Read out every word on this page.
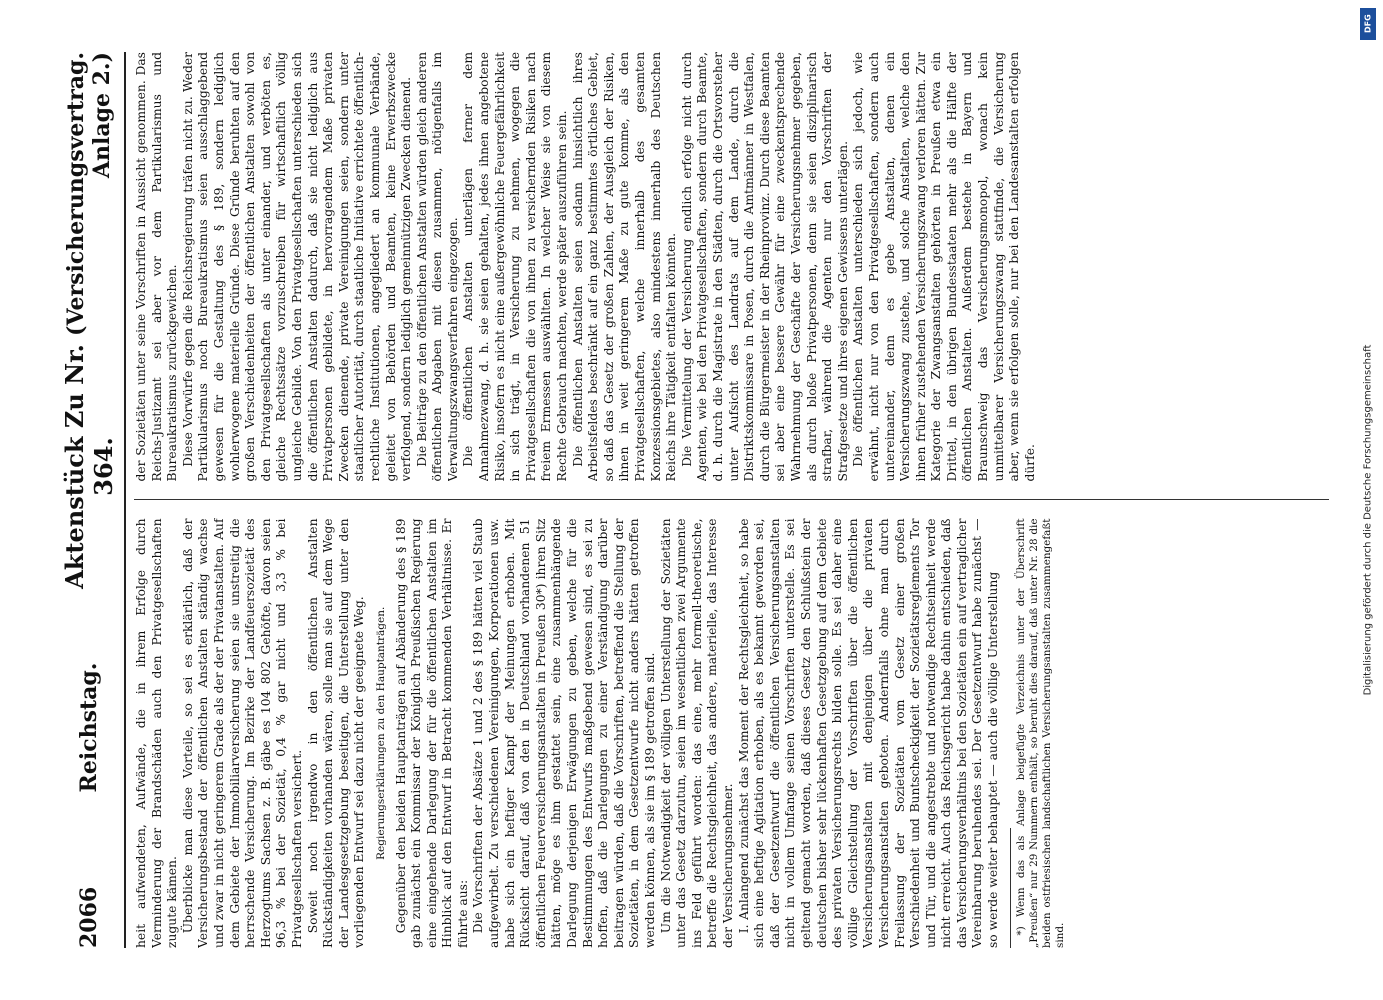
2066
Reichstag.
Aktenstück Zu Nr. 364.
(Versicherungsvertrag. Anlage 2.)

heit aufwendeten, Aufwände, die in ihrem Erfolge durch Verminderung der Brandschäden auch den Privatgesellschaften zugute kämen. Überblicke man diese Vorteile, so sei es erklärlich, daß der Versicherungsbestand der öffentlichen Anstalten ständig wachse und zwar in nicht geringerem Grade als der der Privatanstalten. Auf dem Gebiete der Immobiliarversicherung seien sie unstreitig die herrschende Versicherung. Im Bezirke der Landfeuersozietät des Herzogtums Sachsen z. B. gäbe es 104 802 Gehöfte, davon seien 96,3 % bei der Sozietät, 0,4 % gar nicht und 3,3 % bei Privatgesellschaften versichert. Soweit noch irgendwo in den öffentlichen Anstalten Rückständigkeiten vorhanden wären, solle man sie auf dem Wege der Landesgesetzgebung beseitigen, die Unterstellung unter den vorliegenden Entwurf sei dazu nicht der geeignete Weg. Regierungserklärungen zu den Hauptanträgen. Gegenüber den beiden Hauptanträgen auf Abänderung des § 189 gab zunächst ein Kommissar der Königlich Preußischen Regierung eine eingehende Darlegung der für die öffentlichen Anstalten im Hinblick auf den Entwurf in Betracht kommenden Verhältnisse. Er führte aus: Die Vorschriften der Absätze 1 und 2 des § 189 hätten viel Staub aufgewirbelt. Zu verschiedenen Vereinigungen, Korporationen usw. habe sich ein heftiger Kampf der Meinungen erhoben. Mit Rücksicht darauf, daß von den in Deutschland vorhandenen 51 öffentlichen Feuerversicherungsanstalten in Preußen 30*) ihren Sitz hätten, möge es ihm gestattet sein, eine zusammenhängende Darlegung derjenigen Erwägungen zu geben, welche für die Bestimmungen des Entwurfs maßgebend gewesen sind, es sei zu hoffen, daß die Darlegungen zu einer Verständigung darüber beitragen würden, daß die Vorschriften, betreffend die Stellung der Sozietäten, in dem Gesetzentwurfe nicht anders hätten getroffen werden können, als sie im § 189 getroffen sind. Um die Notwendigkeit der völligen Unterstellung der Sozietäten unter das Gesetz darzutun, seien im wesentlichen zwei Argumente ins Feld geführt worden: das eine, mehr formell-theoretische, betreffe die Rechtsgleichheit, das andere, materielle, das Interesse der Versicherungsnehmer. I. Anlangend zunächst das Moment der Rechtsgleichheit, so habe sich eine heftige Agitation erhoben, als es bekannt geworden sei, daß der Gesetzentwurf die öffentlichen Versicherungsanstalten nicht in vollem Umfange seinen Vorschriften unterstelle. Es sei geltend gemacht worden, daß dieses Gesetz den Schlußstein der deutschen bisher sehr lückenhaften Gesetzgebung auf dem Gebiete des privaten Versicherungsrechts bilden solle. Es sei daher eine völlige Gleichstellung der Vorschriften über die öffentlichen Versicherungsanstalten mit denjenigen über die privaten Versicherungsanstalten geboten. Andernfalls ohne man durch Freilassung der Sozietäten vom Gesetz einer großen Verschiedenheit und Buntscheckigkeit der Sozietätsreglements Tor und Tür, und die angestrebte und notwendige Rechtseinheit werde nicht erreicht. Auch das Reichsgericht habe dahin entschieden, daß das Versicherungsverhältnis bei den Sozietäten ein auf vertraglicher Vereinbarung beruhendes sei. Der Gesetzentwurf habe zunächst — so werde weiter behauptet — auch die völlige Unterstellung *) Wenn das als Anlage beigefügte Verzeichnis unter der Überschrift „Preußen“ nur 29 Nummern enthält, so beruht dies darauf, daß unter Nr. 28 die beiden ostfriesischen landschaftlichen Versicherungsanstalten zusammengefaßt sind.

der Sozietäten unter seine Vorschriften in Aussicht genommen. Das Reichs-Justizamt sei aber vor dem Partikularismus und Bureaukratismus zurückgewichen. Diese Vorwürfe gegen die Reichsregierung träfen nicht zu. Weder Partikularismus noch Bureaukratismus seien ausschlaggebend gewesen für die Gestaltung des § 189, sondern lediglich wohlerwogene materielle Gründe. Diese Gründe beruhten auf den großen Verschiedenheiten der öffentlichen Anstalten sowohl von den Privatgesellschaften als unter einander, und verböten es, gleiche Rechtssätze vorzuschreiben für wirtschaftlich völlig ungleiche Gebilde. Von den Privatgesellschaften unterschieden sich die öffentlichen Anstalten dadurch, daß sie nicht lediglich aus Privatpersonen gebildete, in hervorragendem Maße privaten Zwecken dienende, private Vereinigungen seien, sondern unter staatlicher Autorität, durch staatliche Initiative errichtete öffentlich-rechtliche Institutionen, angegliedert an kommunale Verbände, geleitet von Behörden und Beamten, keine Erwerbszwecke verfolgend, sondern lediglich gemeinnützigen Zwecken dienend. Die Beiträge zu den öffentlichen Anstalten würden gleich anderen öffentlichen Abgaben mit diesen zusammen, nötigenfalls im Verwaltungszwangsverfahren eingezogen. Die öffentlichen Anstalten unterlägen ferner dem Annahmezwang, d. h. sie seien gehalten, jedes ihnen angebotene Risiko, insofern es nicht eine außergewöhnliche Feuergefährlichkeit in sich trägt, in Versicherung zu nehmen, wogegen die Privatgesellschaften die von ihnen zu versichernden Risiken nach freiem Ermessen auswählten. In welcher Weise sie von diesem Rechte Gebrauch machten, werde später auszuführen sein. Die öffentlichen Anstalten seien sodann hinsichtlich ihres Arbeitsfeldes beschränkt auf ein ganz bestimmtes örtliches Gebiet, so daß das Gesetz der großen Zahlen, der Ausgleich der Risiken, ihnen in weit geringerem Maße zu gute komme, als den Privatgesellschaften, welche innerhalb des gesamten Konzessionsgebietes, also mindestens innerhalb des Deutschen Reichs ihre Tätigkeit entfalten könnten. Die Vermittelung der Versicherung endlich erfolge nicht durch Agenten, wie bei den Privatgesellschaften, sondern durch Beamte, d. h. durch die Magistrate in den Städten, durch die Ortsvorsteher unter Aufsicht des Landrats auf dem Lande, durch die Distriktskommissare in Posen, durch die Amtmänner in Westfalen, durch die Bürgermeister in der Rheinprovinz. Durch diese Beamten sei aber eine bessere Gewähr für eine zweckentsprechende Wahrnehmung der Geschäfte der Versicherungsnehmer gegeben, als durch bloße Privatpersonen, denn sie seien disziplinarisch strafbar, während die Agenten nur den Vorschriften der Strafgesetze und ihres eigenen Gewissens unterlägen. Die öffentlichen Anstalten unterschieden sich jedoch, wie erwähnt, nicht nur von den Privatgesellschaften, sondern auch untereinander, denn es gebe Anstalten, denen ein Versicherungszwang zustehe, und solche Anstalten, welche den ihnen früher zustehenden Versicherungszwang verloren hätten. Zur Kategorie der Zwangsanstalten gehörten in Preußen etwa ein Drittel, in den übrigen Bundesstaaten mehr als die Hälfte der öffentlichen Anstalten. Außerdem bestehe in Bayern und Braunschweig das Versicherungsmonopol, wonach kein unmittelbarer Versicherungszwang stattfinde, die Versicherung aber, wenn sie erfolgen solle, nur bei den Landesanstalten erfolgen dürfe.

DFG
Digitalisierung gefördert durch die Deutsche Forschungsgemeinschaft
